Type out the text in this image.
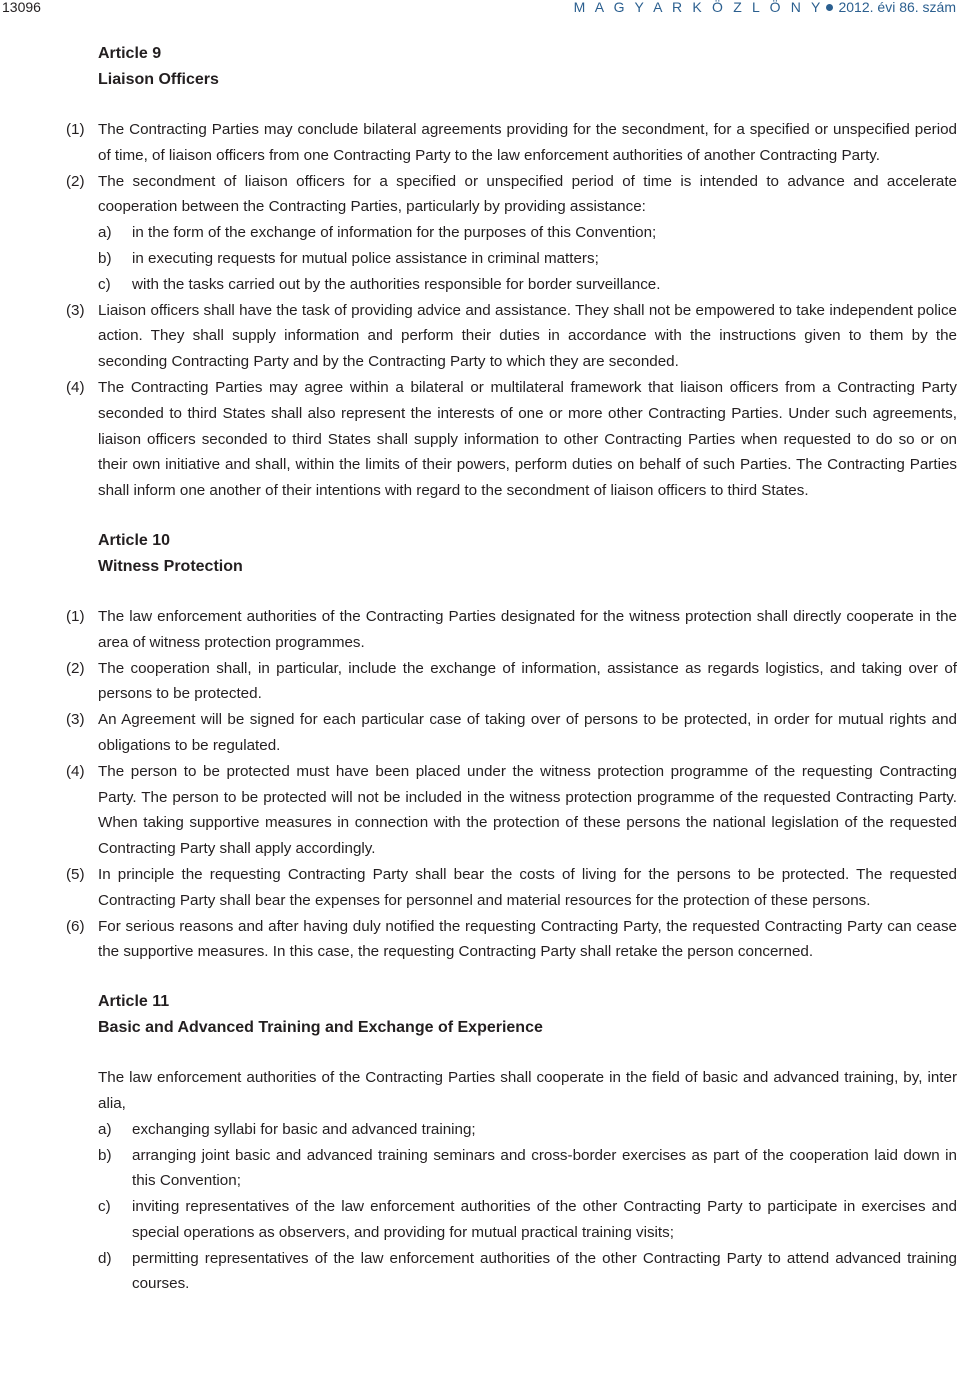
13096	M A G Y A R K Ö Z L Ö N Y 2012. évi 86. szám
Article 9
Liaison Officers
(1) The Contracting Parties may conclude bilateral agreements providing for the secondment, for a specified or unspecified period of time, of liaison officers from one Contracting Party to the law enforcement authorities of another Contracting Party.
(2) The secondment of liaison officers for a specified or unspecified period of time is intended to advance and accelerate cooperation between the Contracting Parties, particularly by providing assistance:
a) in the form of the exchange of information for the purposes of this Convention;
b) in executing requests for mutual police assistance in criminal matters;
c) with the tasks carried out by the authorities responsible for border surveillance.
(3) Liaison officers shall have the task of providing advice and assistance. They shall not be empowered to take independent police action. They shall supply information and perform their duties in accordance with the instructions given to them by the seconding Contracting Party and by the Contracting Party to which they are seconded.
(4) The Contracting Parties may agree within a bilateral or multilateral framework that liaison officers from a Contracting Party seconded to third States shall also represent the interests of one or more other Contracting Parties. Under such agreements, liaison officers seconded to third States shall supply information to other Contracting Parties when requested to do so or on their own initiative and shall, within the limits of their powers, perform duties on behalf of such Parties. The Contracting Parties shall inform one another of their intentions with regard to the secondment of liaison officers to third States.
Article 10
Witness Protection
(1) The law enforcement authorities of the Contracting Parties designated for the witness protection shall directly cooperate in the area of witness protection programmes.
(2) The cooperation shall, in particular, include the exchange of information, assistance as regards logistics, and taking over of persons to be protected.
(3) An Agreement will be signed for each particular case of taking over of persons to be protected, in order for mutual rights and obligations to be regulated.
(4) The person to be protected must have been placed under the witness protection programme of the requesting Contracting Party. The person to be protected will not be included in the witness protection programme of the requested Contracting Party. When taking supportive measures in connection with the protection of these persons the national legislation of the requested Contracting Party shall apply accordingly.
(5) In principle the requesting Contracting Party shall bear the costs of living for the persons to be protected. The requested Contracting Party shall bear the expenses for personnel and material resources for the protection of these persons.
(6) For serious reasons and after having duly notified the requesting Contracting Party, the requested Contracting Party can cease the supportive measures. In this case, the requesting Contracting Party shall retake the person concerned.
Article 11
Basic and Advanced Training and Exchange of Experience
The law enforcement authorities of the Contracting Parties shall cooperate in the field of basic and advanced training, by, inter alia,
a) exchanging syllabi for basic and advanced training;
b) arranging joint basic and advanced training seminars and cross-border exercises as part of the cooperation laid down in this Convention;
c) inviting representatives of the law enforcement authorities of the other Contracting Party to participate in exercises and special operations as observers, and providing for mutual practical training visits;
d) permitting representatives of the law enforcement authorities of the other Contracting Party to attend advanced training courses.
